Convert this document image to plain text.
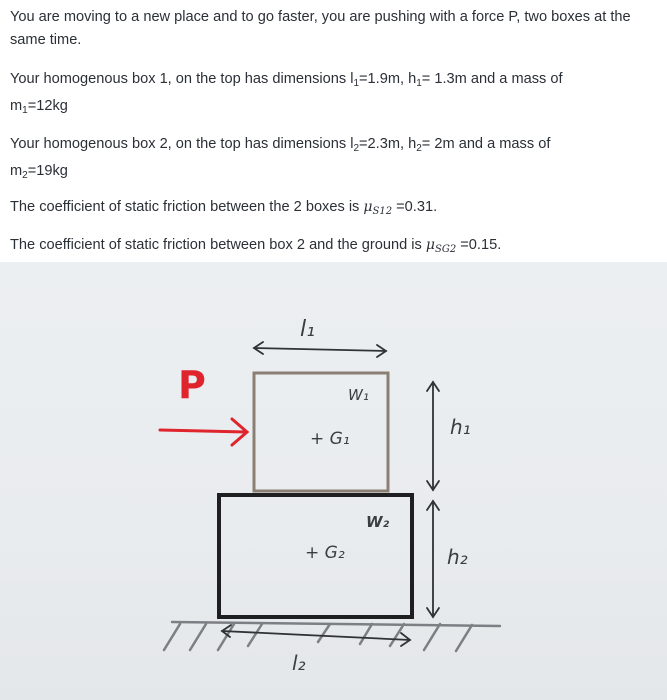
You are moving to a new place and to go faster, you are pushing with a force P, two boxes at the same time.

Your homogenous box 1, on the top has dimensions $l_1=1.9m$, $h_1= 1.3m$ and a mass of
$m_1=12kg$

Your homogenous box 2, on the top has dimensions $l_2=2.3m$, $h_2= 2m$ and a mass of
$m_2=19kg$

The coefficient of static friction between the 2 boxes is $\mu_{S12} =0.31$.

The coefficient of static friction between box 2 and the ground is $\mu_{SG2} =0.15$.

l₁
W₁
+ G₁
P
W₂
+ G₂
h₁
h₂
l₂
